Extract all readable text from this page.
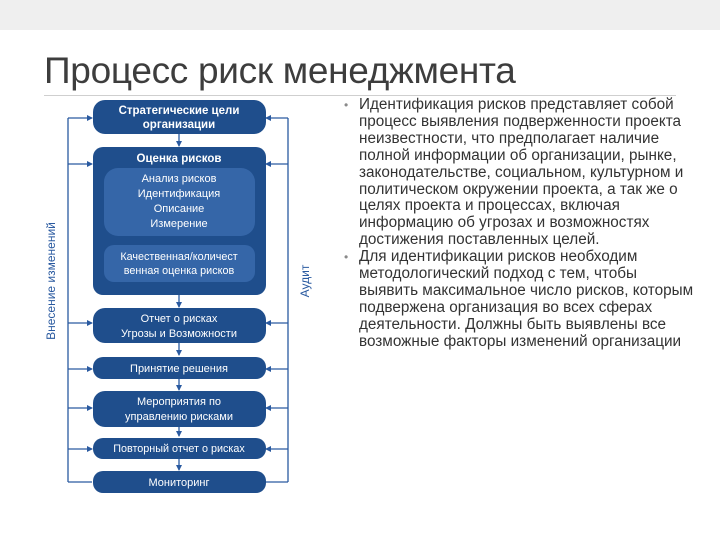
Процесс риск менеджмента
Внесение изменений	Аудит
Стратегические цели
организации
Оценка рисков
Анализ рисков
Идентификация
Описание
Измерение
Качественная/количест
венная оценка рисков
Отчет о рисках
Угрозы и Возможности
Принятие решения
Мероприятия по
управлению рисками
Повторный отчет о рисках
Мониторинг
• Идентификация рисков представляет собой процесс выявления подверженности проекта неизвестности, что предполагает наличие полной информации об организации, рынке, законодательстве, социальном, культурном и политическом окружении проекта, а так же о целях проекта и процессах, включая информацию об угрозах и возможностях достижения поставленных целей.
• Для идентификации рисков необходим методологический подход с тем, чтобы выявить максимальное число рисков, которым подвержена организация во всех сферах деятельности. Должны быть выявлены все возможные факторы изменений организации
